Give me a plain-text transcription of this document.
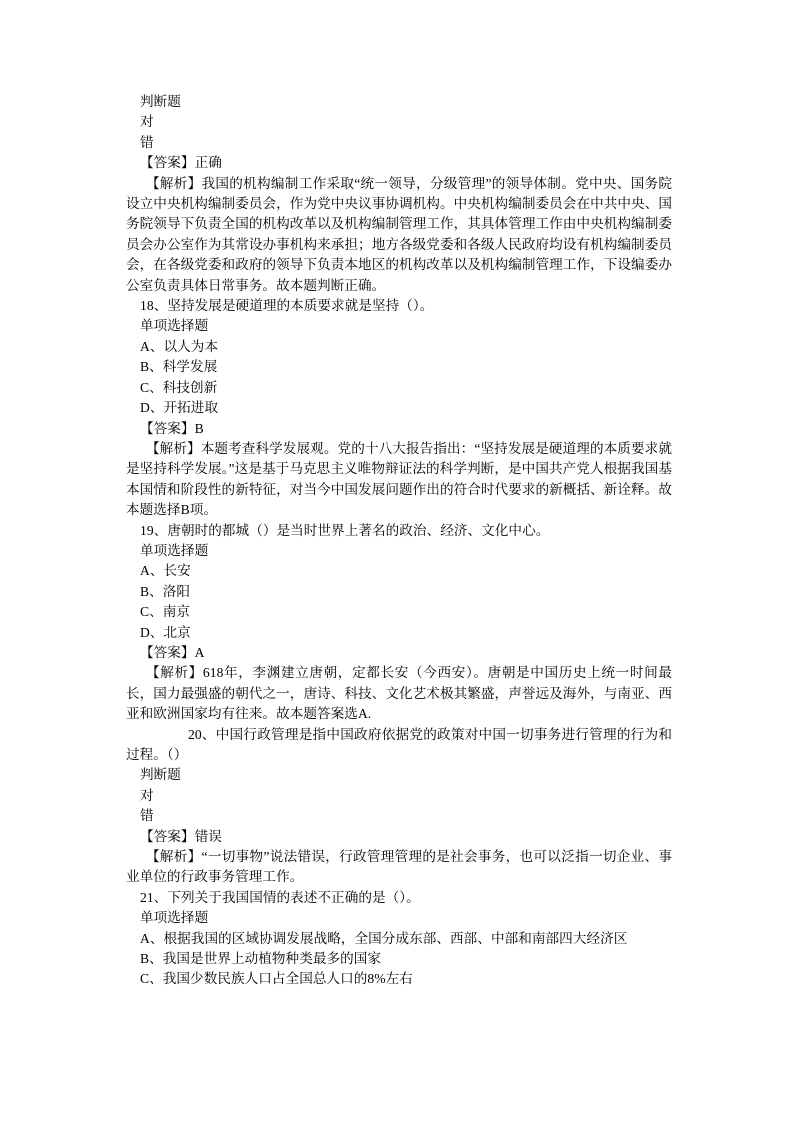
判断题
对
错
【答案】正确
【解析】我国的机构编制工作采取“统一领导，分级管理”的领导体制。党中央、国务院设立中央机构编制委员会，作为党中央议事协调机构。中央机构编制委员会在中共中央、国务院领导下负责全国的机构改革以及机构编制管理工作，其具体管理工作由中央机构编制委员会办公室作为其常设办事机构来承担；地方各级党委和各级人民政府均设有机构编制委员会，在各级党委和政府的领导下负责本地区的机构改革以及机构编制管理工作，下设编委办公室负责具体日常事务。故本题判断正确。
18、坚持发展是硬道理的本质要求就是坚持（）。
单项选择题
A、以人为本
B、科学发展
C、科技创新
D、开拓进取
【答案】B
【解析】本题考查科学发展观。党的十八大报告指出：“坚持发展是硬道理的本质要求就是坚持科学发展。”这是基于马克思主义唯物辩证法的科学判断，是中国共产党人根据我国基本国情和阶段性的新特征，对当今中国发展问题作出的符合时代要求的新概括、新诠释。故本题选择B项。
19、唐朝时的都城（）是当时世界上著名的政治、经济、文化中心。
单项选择题
A、长安
B、洛阳
C、南京
D、北京
【答案】A
【解析】618年，李渊建立唐朝，定都长安（今西安）。唐朝是中国历史上统一时间最长，国力最强盛的朝代之一，唐诗、科技、文化艺术极其繁盛，声誉远及海外，与南亚、西亚和欧洲国家均有往来。故本题答案选A.
20、中国行政管理是指中国政府依据党的政策对中国一切事务进行管理的行为和过程。（）
判断题
对
错
【答案】错误
【解析】“一切事物”说法错误，行政管理管理的是社会事务，也可以泛指一切企业、事业单位的行政事务管理工作。
21、下列关于我国国情的表述不正确的是（）。
单项选择题
A、根据我国的区域协调发展战略，全国分成东部、西部、中部和南部四大经济区
B、我国是世界上动植物种类最多的国家
C、我国少数民族人口占全国总人口的8%左右
